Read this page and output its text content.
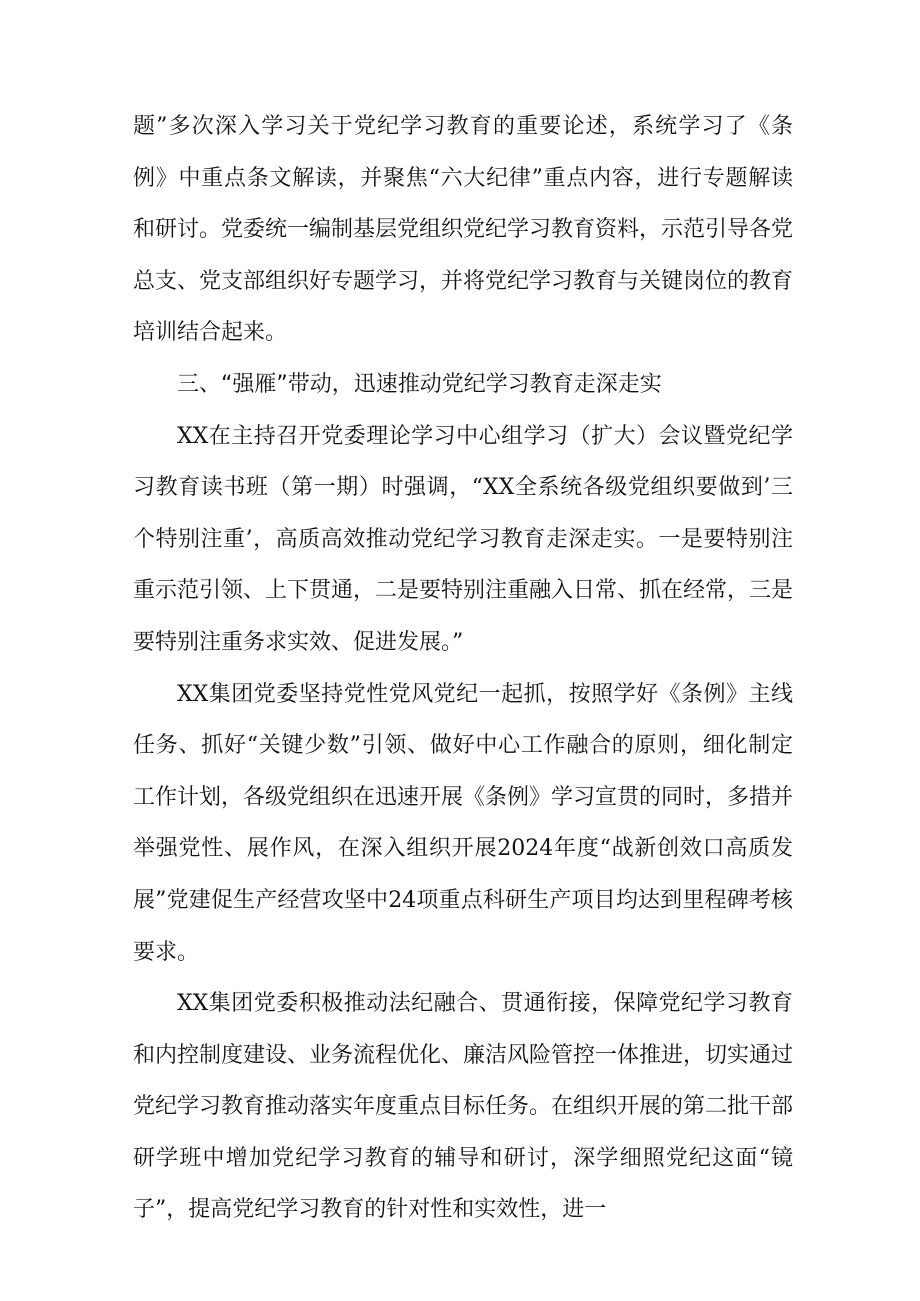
题”多次深入学习关于党纪学习教育的重要论述，系统学习了《条例》中重点条文解读，并聚焦“六大纪律”重点内容，进行专题解读和研讨。党委统一编制基层党组织党纪学习教育资料，示范引导各党总支、党支部组织好专题学习，并将党纪学习教育与关键岗位的教育培训结合起来。

三、“强雁”带动，迅速推动党纪学习教育走深走实

XX在主持召开党委理论学习中心组学习（扩大）会议暨党纪学习教育读书班（第一期）时强调，“XX全系统各级党组织要做到’三个特别注重’，高质高效推动党纪学习教育走深走实。一是要特别注重示范引领、上下贯通，二是要特别注重融入日常、抓在经常，三是要特别注重务求实效、促进发展。”

XX集团党委坚持党性党风党纪一起抓，按照学好《条例》主线任务、抓好“关键少数”引领、做好中心工作融合的原则，细化制定工作计划，各级党组织在迅速开展《条例》学习宣贯的同时，多措并举强党性、展作风，在深入组织开展2024年度“战新创效口高质发展”党建促生产经营攻坚中24项重点科研生产项目均达到里程碑考核要求。

XX集团党委积极推动法纪融合、贯通衔接，保障党纪学习教育和内控制度建设、业务流程优化、廉洁风险管控一体推进，切实通过党纪学习教育推动落实年度重点目标任务。在组织开展的第二批干部研学班中增加党纪学习教育的辅导和研讨，深学细照党纪这面“镜子”，提高党纪学习教育的针对性和实效性，进一
